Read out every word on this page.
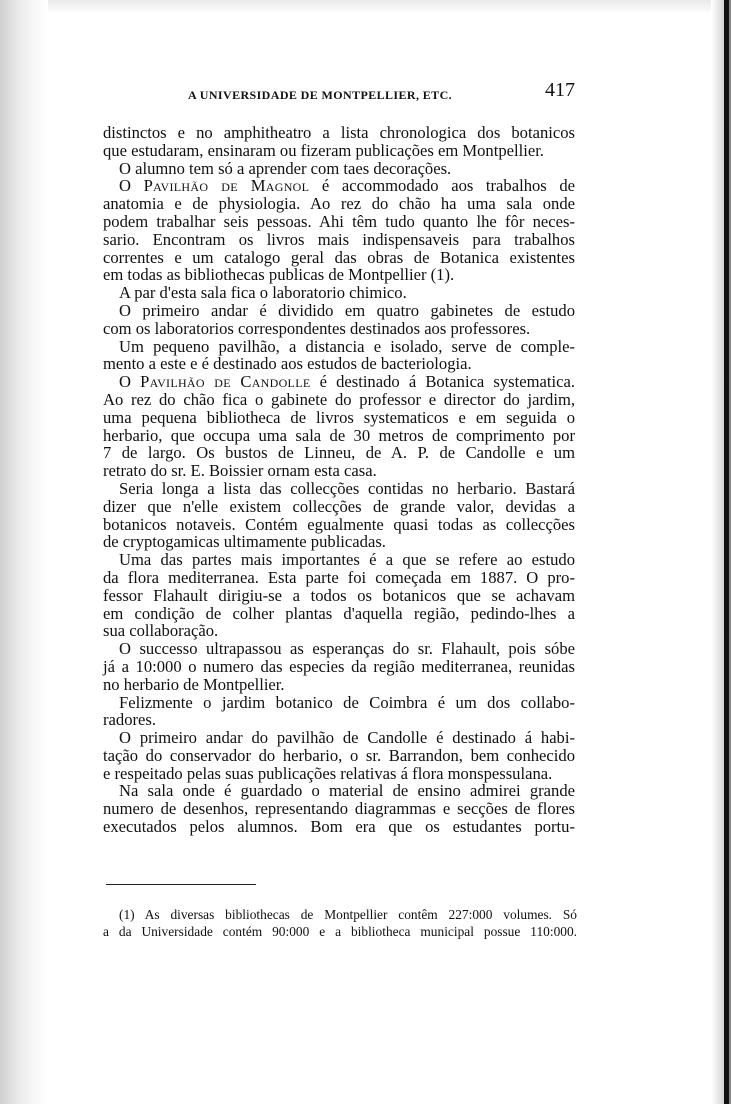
A UNIVERSIDADE DE MONTPELLIER, ETC.	417
distinctos e no amphitheatro a lista chronologica dos botanicos
que estudaram, ensinaram ou fizeram publicações em Montpellier.
O alumno tem só a aprender com taes decorações.
O Pavilhão de Magnol é accommodado aos trabalhos de
anatomia e de physiologia. Ao rez do chão ha uma sala onde
podem trabalhar seis pessoas. Ahi têm tudo quanto lhe fôr neces-
sario. Encontram os livros mais indispensaveis para trabalhos
correntes e um catalogo geral das obras de Botanica existentes
em todas as bibliothecas publicas de Montpellier (1).
A par d'esta sala fica o laboratorio chimico.
O primeiro andar é dividido em quatro gabinetes de estudo
com os laboratorios correspondentes destinados aos professores.
Um pequeno pavilhão, a distancia e isolado, serve de comple-
mento a este e é destinado aos estudos de bacteriologia.
O Pavilhão de Candolle é destinado á Botanica systematica.
Ao rez do chão fica o gabinete do professor e director do jardim,
uma pequena bibliotheca de livros systematicos e em seguida o
herbario, que occupa uma sala de 30 metros de comprimento por
7 de largo. Os bustos de Linneu, de A. P. de Candolle e um
retrato do sr. E. Boissier ornam esta casa.
Seria longa a lista das collecções contidas no herbario. Bastará
dizer que n'elle existem collecções de grande valor, devidas a
botanicos notaveis. Contém egualmente quasi todas as collecções
de cryptogamicas ultimamente publicadas.
Uma das partes mais importantes é a que se refere ao estudo
da flora mediterranea. Esta parte foi começada em 1887. O pro-
fessor Flahault dirigiu-se a todos os botanicos que se achavam
em condição de colher plantas d'aquella região, pedindo-lhes a
sua collaboração.
O successo ultrapassou as esperanças do sr. Flahault, pois sóbe
já a 10:000 o numero das especies da região mediterranea, reunidas
no herbario de Montpellier.
Felizmente o jardim botanico de Coimbra é um dos collabo-
radores.
O primeiro andar do pavilhão de Candolle é destinado á habi-
tação do conservador do herbario, o sr. Barrandon, bem conhecido
e respeitado pelas suas publicações relativas á flora monspessulana.
Na sala onde é guardado o material de ensino admirei grande
numero de desenhos, representando diagrammas e secções de flores
executados pelos alumnos. Bom era que os estudantes portu-
(1) As diversas bibliothecas de Montpellier contêm 227:000 volumes. Só
a da Universidade contém 90:000 e a bibliotheca municipal possue 110:000.
